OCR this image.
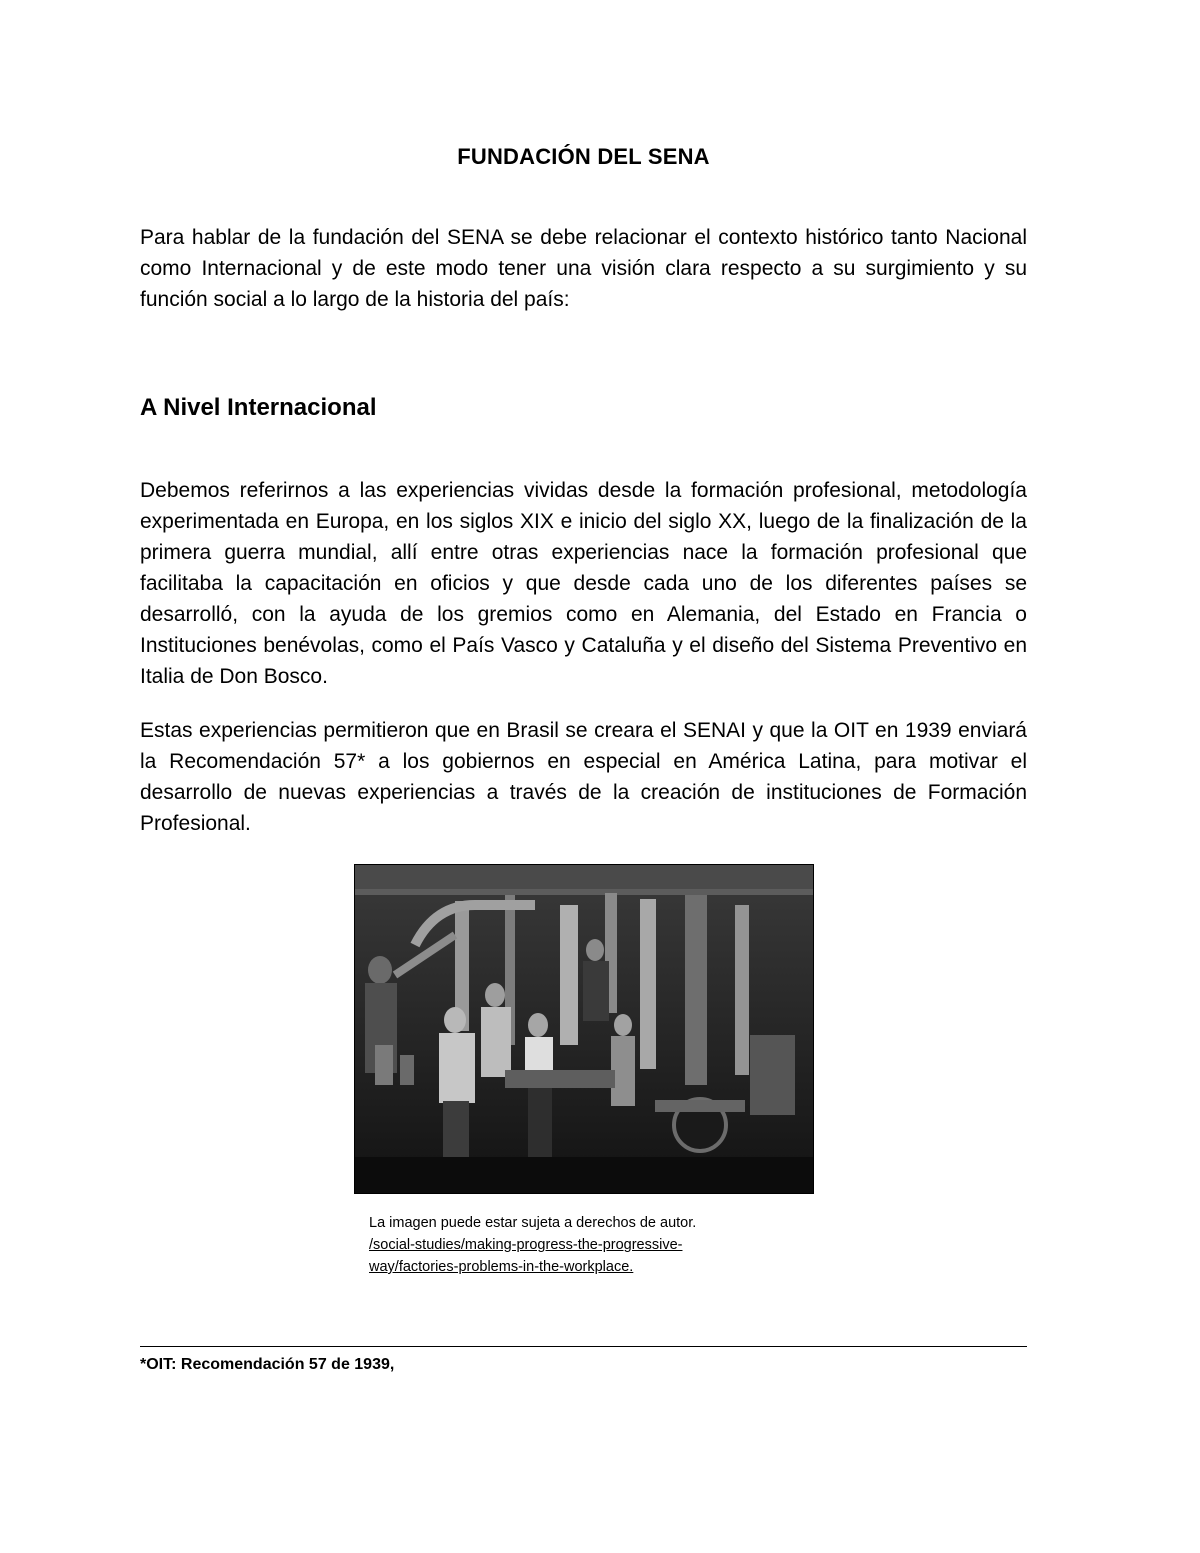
FUNDACIÓN DEL SENA

Para hablar de la fundación del SENA se debe relacionar el contexto histórico tanto Nacional como Internacional y de este modo tener una visión clara respecto a su surgimiento y su función social a lo largo de la historia del país:

A Nivel Internacional

Debemos referirnos a las experiencias vividas desde la formación profesional, metodología experimentada en Europa, en los siglos XIX e inicio del siglo XX, luego de la finalización de la primera guerra mundial, allí entre otras experiencias nace la formación profesional que facilitaba la capacitación en oficios y que desde cada uno de los diferentes países se desarrolló, con la ayuda de los gremios como en Alemania, del Estado en Francia o Instituciones benévolas, como el País Vasco y Cataluña y el diseño del Sistema Preventivo en Italia de Don Bosco.

Estas experiencias permitieron que en Brasil se creara el SENAI y que la OIT en 1939 enviará la Recomendación 57* a los gobiernos en especial en América Latina, para motivar el desarrollo de nuevas experiencias a través de la creación de instituciones de Formación Profesional.

La imagen puede estar sujeta a derechos de autor.
/social-studies/making-progress-the-progressive-
way/factories-problems-in-the-workplace.
*OIT: Recomendación 57 de 1939,
